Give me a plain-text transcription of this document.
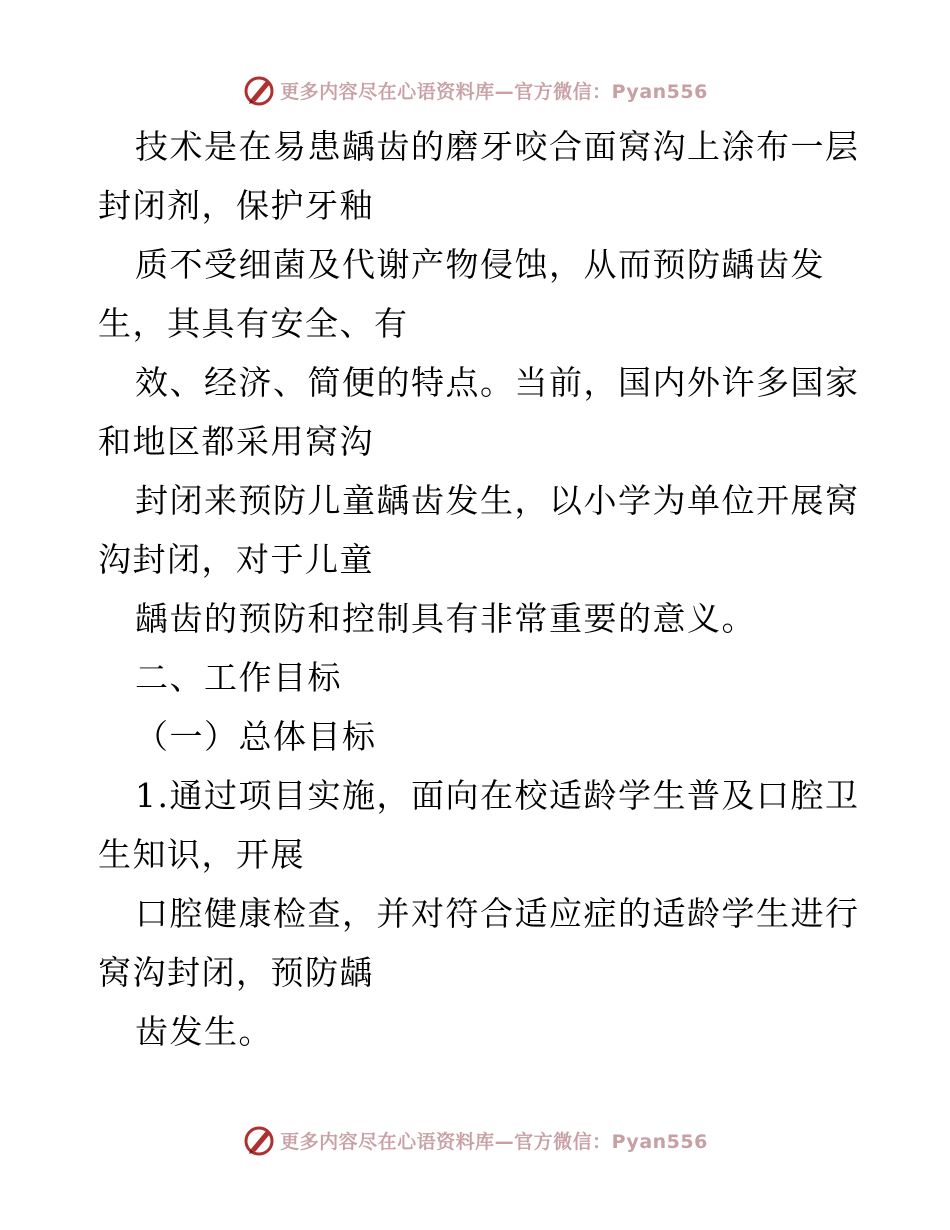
更多内容尽在心语资料库—官方微信：Pyan556

技术是在易患龋齿的磨牙咬合面窝沟上涂布一层

封闭剂，保护牙釉

质不受细菌及代谢产物侵蚀，从而预防龋齿发

生，其具有安全、有

效、经济、简便的特点。当前，国内外许多国家

和地区都采用窝沟

封闭来预防儿童龋齿发生，以小学为单位开展窝

沟封闭，对于儿童

龋齿的预防和控制具有非常重要的意义。

二、工作目标

（一）总体目标

1.通过项目实施，面向在校适龄学生普及口腔卫

生知识，开展

口腔健康检查，并对符合适应症的适龄学生进行

窝沟封闭，预防龋

齿发生。

更多内容尽在心语资料库—官方微信：Pyan556
